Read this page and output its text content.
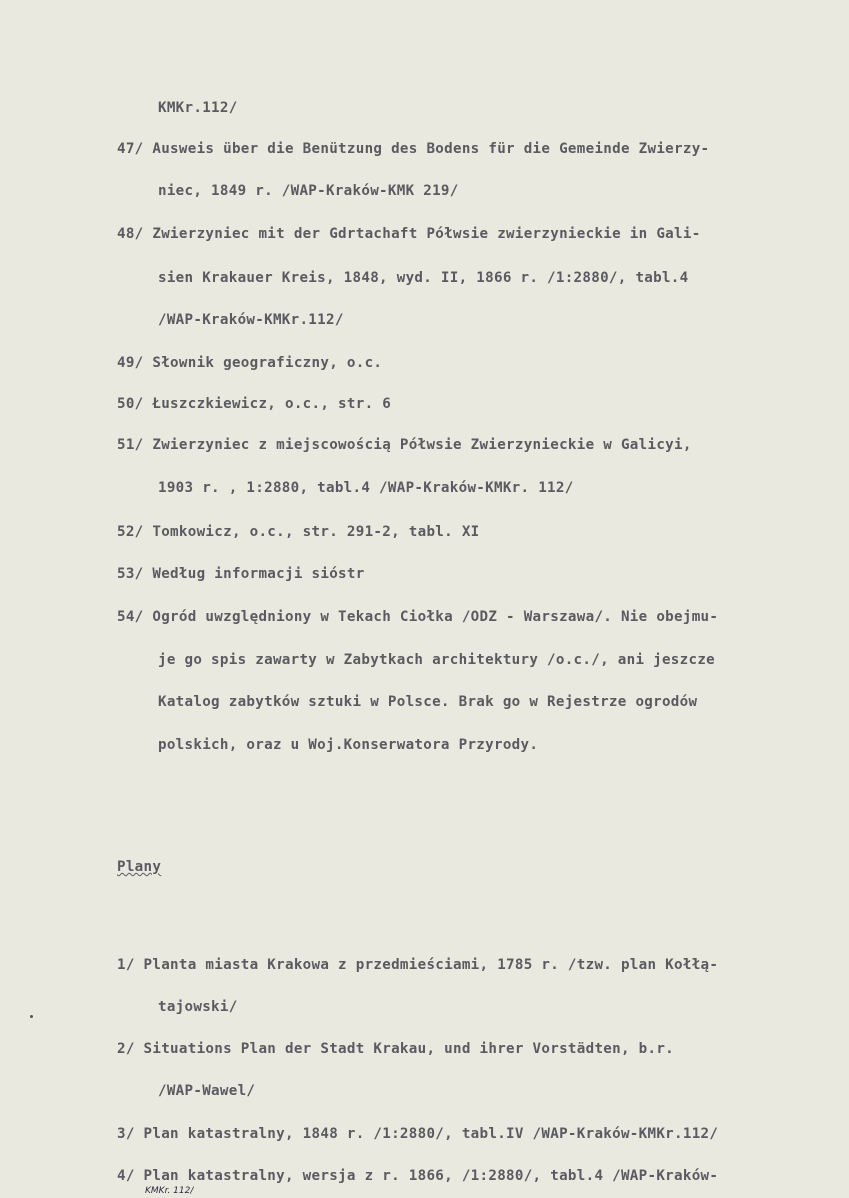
KMKr.112/
47/ Ausweis über die Benützung des Bodens für die Gemeinde Zwierzy-
niec, 1849 r. /WAP-Kraków-KMK 219/
48/ Zwierzyniec mit der Gdrtachaft Półwsie zwierzynieckie in Gali-
sien Krakauer Kreis, 1848, wyd. II, 1866 r. /1:2880/, tabl.4
/WAP-Kraków-KMKr.112/
49/ Słownik geograficzny, o.c.
50/ Łuszczkiewicz, o.c., str. 6
51/ Zwierzyniec z miejscowością Półwsie Zwierzynieckie w Galicyi,
1903 r. , 1:2880, tabl.4 /WAP-Kraków-KMKr. 112/
52/ Tomkowicz, o.c., str. 291-2, tabl. XI
53/ Według informacji sióstr
54/ Ogród uwzględniony w Tekach Ciołka /ODZ - Warszawa/. Nie obejmu-
je go spis zawarty w Zabytkach architektury /o.c./, ani jeszcze
Katalog zabytków sztuki w Polsce. Brak go w Rejestrze ogrodów
polskich, oraz u Woj.Konserwatora Przyrody.
Plany
1/ Planta miasta Krakowa z przedmieściami, 1785 r. /tzw. plan Kołłą-
tajowski/
2/ Situations Plan der Stadt Krakau, und ihrer Vorstädten, b.r.
/WAP-Wawel/
3/ Plan katastralny, 1848 r. /1:2880/, tabl.IV /WAP-Kraków-KMKr.112/
4/ Plan katastralny, wersja z r. 1866, /1:2880/, tabl.4 /WAP-Kraków-
KMKr. 112/
